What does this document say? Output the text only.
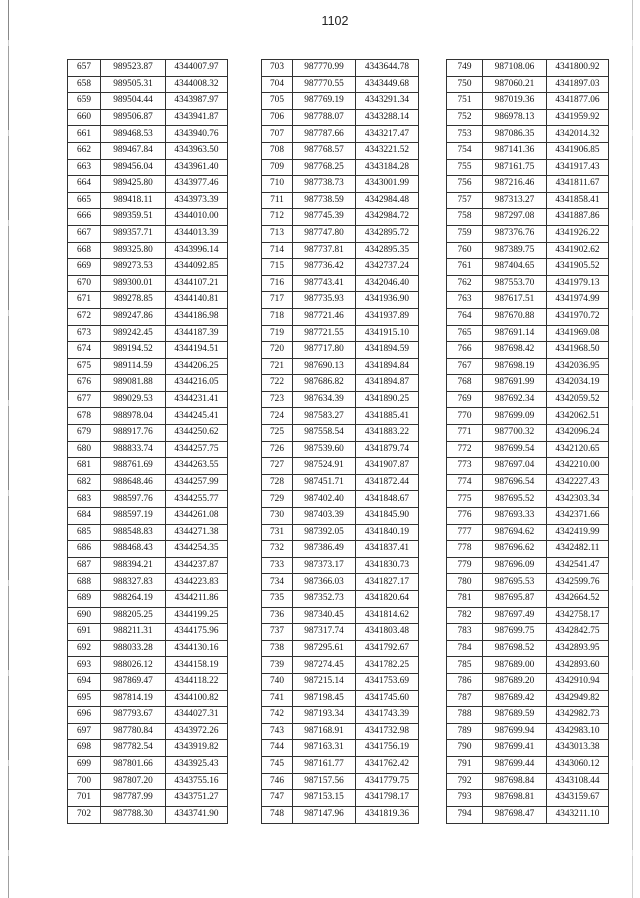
1102
657	989523.87	4344007.97
658	989505.31	4344008.32
659	989504.44	4343987.97
660	989506.87	4343941.87
661	989468.53	4343940.76
662	989467.84	4343963.50
663	989456.04	4343961.40
664	989425.80	4343977.46
665	989418.11	4343973.39
666	989359.51	4344010.00
667	989357.71	4344013.39
668	989325.80	4343996.14
669	989273.53	4344092.85
670	989300.01	4344107.21
671	989278.85	4344140.81
672	989247.86	4344186.98
673	989242.45	4344187.39
674	989194.52	4344194.51
675	989114.59	4344206.25
676	989081.88	4344216.05
677	989029.53	4344231.41
678	988978.04	4344245.41
679	988917.76	4344250.62
680	988833.74	4344257.75
681	988761.69	4344263.55
682	988648.46	4344257.99
683	988597.76	4344255.77
684	988597.19	4344261.08
685	988548.83	4344271.38
686	988468.43	4344254.35
687	988394.21	4344237.87
688	988327.83	4344223.83
689	988264.19	4344211.86
690	988205.25	4344199.25
691	988211.31	4344175.96
692	988033.28	4344130.16
693	988026.12	4344158.19
694	987869.47	4344118.22
695	987814.19	4344100.82
696	987793.67	4344027.31
697	987780.84	4343972.26
698	987782.54	4343919.82
699	987801.66	4343925.43
700	987807.20	4343755.16
701	987787.99	4343751.27
702	987788.30	4343741.90
703	987770.99	4343644.78
704	987770.55	4343449.68
705	987769.19	4343291.34
706	987788.07	4343288.14
707	987787.66	4343217.47
708	987768.57	4343221.52
709	987768.25	4343184.28
710	987738.73	4343001.99
711	987738.59	4342984.48
712	987745.39	4342984.72
713	987747.80	4342895.72
714	987737.81	4342895.35
715	987736.42	4342737.24
716	987743.41	4342046.40
717	987735.93	4341936.90
718	987721.46	4341937.89
719	987721.55	4341915.10
720	987717.80	4341894.59
721	987690.13	4341894.84
722	987686.82	4341894.87
723	987634.39	4341890.25
724	987583.27	4341885.41
725	987558.54	4341883.22
726	987539.60	4341879.74
727	987524.91	4341907.87
728	987451.71	4341872.44
729	987402.40	4341848.67
730	987403.39	4341845.90
731	987392.05	4341840.19
732	987386.49	4341837.41
733	987373.17	4341830.73
734	987366.03	4341827.17
735	987352.73	4341820.64
736	987340.45	4341814.62
737	987317.74	4341803.48
738	987295.61	4341792.67
739	987274.45	4341782.25
740	987215.14	4341753.69
741	987198.45	4341745.60
742	987193.34	4341743.39
743	987168.91	4341732.98
744	987163.31	4341756.19
745	987161.77	4341762.42
746	987157.56	4341779.75
747	987153.15	4341798.17
748	987147.96	4341819.36
749	987108.06	4341800.92
750	987060.21	4341897.03
751	987019.36	4341877.06
752	986978.13	4341959.92
753	987086.35	4342014.32
754	987141.36	4341906.85
755	987161.75	4341917.43
756	987216.46	4341811.67
757	987313.27	4341858.41
758	987297.08	4341887.86
759	987376.76	4341926.22
760	987389.75	4341902.62
761	987404.65	4341905.52
762	987553.70	4341979.13
763	987617.51	4341974.99
764	987670.88	4341970.72
765	987691.14	4341969.08
766	987698.42	4341968.50
767	987698.19	4342036.95
768	987691.99	4342034.19
769	987692.34	4342059.52
770	987699.09	4342062.51
771	987700.32	4342096.24
772	987699.54	4342120.65
773	987697.04	4342210.00
774	987696.54	4342227.43
775	987695.52	4342303.34
776	987693.33	4342371.66
777	987694.62	4342419.99
778	987696.62	4342482.11
779	987696.09	4342541.47
780	987695.53	4342599.76
781	987695.87	4342664.52
782	987697.49	4342758.17
783	987699.75	4342842.75
784	987698.52	4342893.95
785	987689.00	4342893.60
786	987689.20	4342910.94
787	987689.42	4342949.82
788	987689.59	4342982.73
789	987699.94	4342983.10
790	987699.41	4343013.38
791	987699.44	4343060.12
792	987698.84	4343108.44
793	987698.81	4343159.67
794	987698.47	4343211.10
